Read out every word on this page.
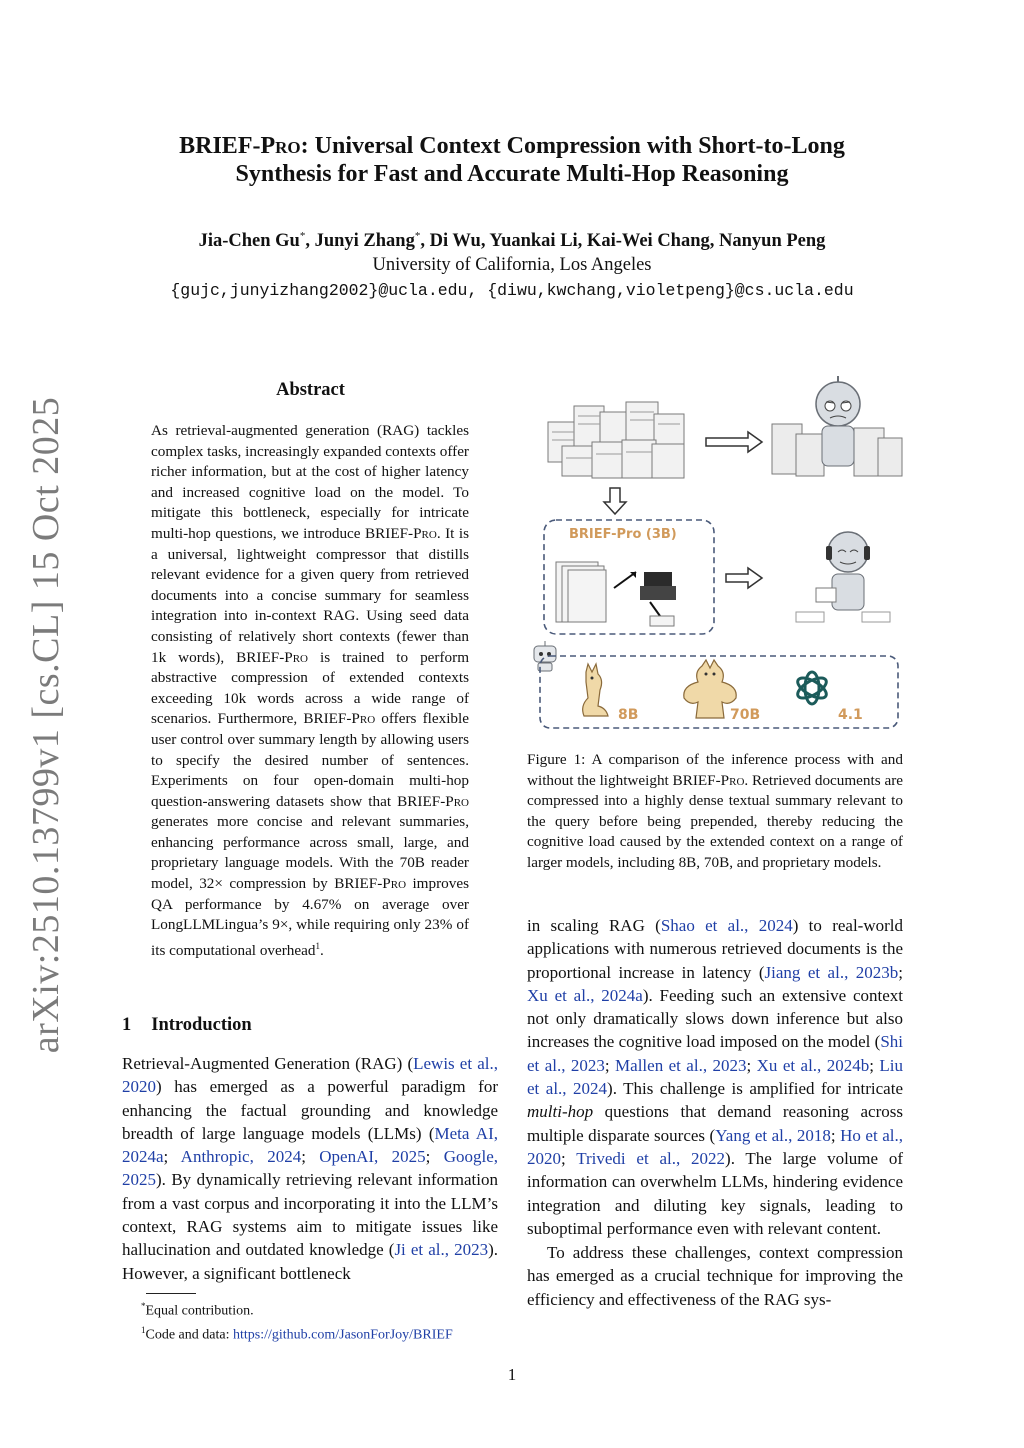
arXiv:2510.13799v1 [cs.CL] 15 Oct 2025
BRIEF-Pro: Universal Context Compression with Short-to-Long
Synthesis for Fast and Accurate Multi-Hop Reasoning
Jia-Chen Gu*, Junyi Zhang*, Di Wu, Yuankai Li, Kai-Wei Chang, Nanyun Peng
University of California, Los Angeles
{gujc,junyizhang2002}@ucla.edu, {diwu,kwchang,violetpeng}@cs.ucla.edu
Abstract
As retrieval-augmented generation (RAG) tackles complex tasks, increasingly expanded contexts offer richer information, but at the cost of higher latency and increased cognitive load on the model. To mitigate this bottleneck, especially for intricate multi-hop questions, we introduce BRIEF-Pro. It is a universal, lightweight compressor that distills relevant evidence for a given query from retrieved documents into a concise summary for seamless integration into in-context RAG. Using seed data consisting of relatively short contexts (fewer than 1k words), BRIEF-Pro is trained to perform abstractive compression of extended contexts exceeding 10k words across a wide range of scenarios. Furthermore, BRIEF-Pro offers flexible user control over summary length by allowing users to specify the desired number of sentences. Experiments on four open-domain multi-hop question-answering datasets show that BRIEF-Pro generates more concise and relevant summaries, enhancing performance across small, large, and proprietary language models. With the 70B reader model, 32× compression by BRIEF-Pro improves QA performance by 4.67% on average over LongLLMLingua’s 9×, while requiring only 23% of its computational overhead$^1$.
1 Introduction
Retrieval-Augmented Generation (RAG) (Lewis et al., 2020) has emerged as a powerful paradigm for enhancing the factual grounding and knowledge breadth of large language models (LLMs) (Meta AI, 2024a; Anthropic, 2024; OpenAI, 2025; Google, 2025). By dynamically retrieving relevant information from a vast corpus and incorporating it into the LLM’s context, RAG systems aim to mitigate issues like hallucination and outdated knowledge (Ji et al., 2023). However, a significant bottleneck
*Equal contribution.
$^1$Code and data: https://github.com/JasonForJoy/BRIEF
BRIEF-Pro (3B)
8B	70B	4.1
Figure 1: A comparison of the inference process with and without the lightweight BRIEF-Pro. Retrieved documents are compressed into a highly dense textual summary relevant to the query before being prepended, thereby reducing the cognitive load caused by the extended context on a range of larger models, including 8B, 70B, and proprietary models.

in scaling RAG (Shao et al., 2024) to real-world applications with numerous retrieved documents is the proportional increase in latency (Jiang et al., 2023b; Xu et al., 2024a). Feeding such an extensive context not only dramatically slows down inference but also increases the cognitive load imposed on the model (Shi et al., 2023; Mallen et al., 2023; Xu et al., 2024b; Liu et al., 2024). This challenge is amplified for intricate multi-hop questions that demand reasoning across multiple disparate sources (Yang et al., 2018; Ho et al., 2020; Trivedi et al., 2022). The large volume of information can overwhelm LLMs, hindering evidence integration and diluting key signals, leading to suboptimal performance even with relevant content.

To address these challenges, context compression has emerged as a crucial technique for improving the efficiency and effectiveness of the RAG sys-

1
